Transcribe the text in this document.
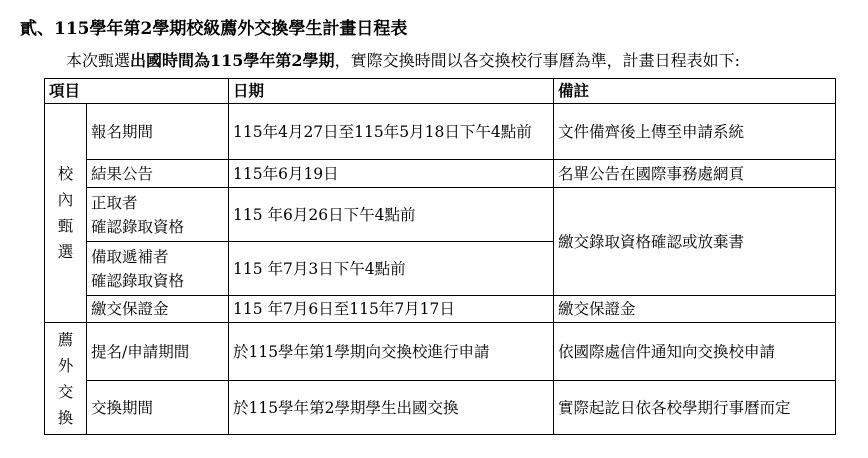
貳、115學年第2學期校級薦外交換學生計畫日程表
本次甄選出國時間為115學年第2學期，實際交換時間以各交換校行事曆為準，計畫日程表如下:
項目		日期	備註

校
內
甄
選	報名期間	115年4月27日至115年5月18日下午4點前	文件備齊後上傳至申請系統
	結果公告	115年6月19日	名單公告在國際事務處網頁

	正取者
確認錄取資格	115 年6月26日下午4點前	繳交錄取資格確認或放棄書

	備取遞補者
確認錄取資格	115 年7月3日下午4點前	
	繳交保證金	115 年7月6日至115年7月17日	繳交保證金

薦
外
交
換	提名/申請期間	於115學年第1學期向交換校進行申請	依國際處信件通知向交換校申請
	交換期間	於115學年第2學期學生出國交換	實際起訖日依各校學期行事曆而定
